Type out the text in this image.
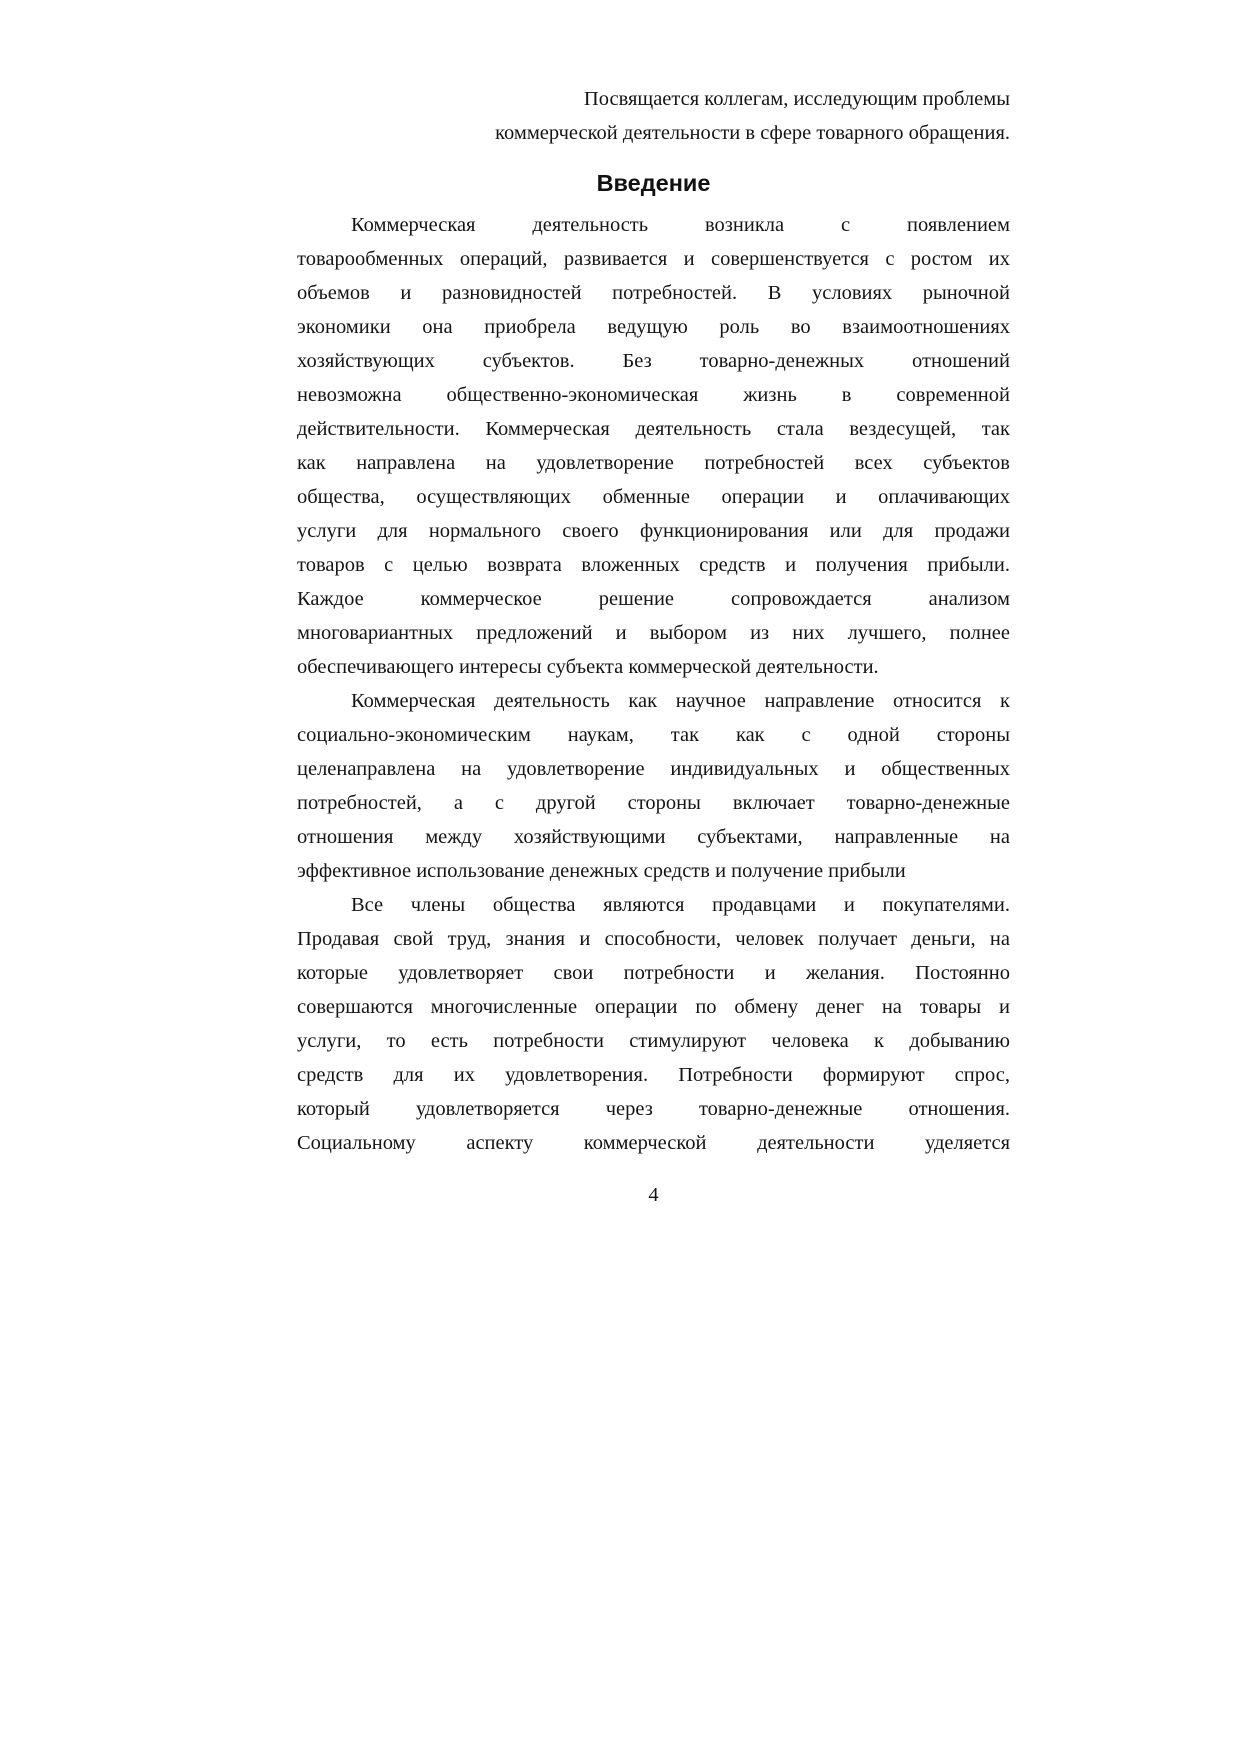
Посвящается коллегам, исследующим проблемы
коммерческой деятельности в сфере товарного обращения.
Введение
Коммерческая деятельность возникла с появлением
товарообменных операций, развивается и совершенствуется с ростом их
объемов и разновидностей потребностей. В условиях рыночной
экономики она приобрела ведущую роль во взаимоотношениях
хозяйствующих субъектов. Без товарно-денежных отношений
невозможна общественно-экономическая жизнь в современной
действительности. Коммерческая деятельность стала вездесущей, так
как направлена на удовлетворение потребностей всех субъектов
общества, осуществляющих обменные операции и оплачивающих
услуги для нормального своего функционирования или для продажи
товаров с целью возврата вложенных средств и получения прибыли.
Каждое коммерческое решение сопровождается анализом
многовариантных предложений и выбором из них лучшего, полнее
обеспечивающего интересы субъекта коммерческой деятельности.
Коммерческая деятельность как научное направление относится к
социально-экономическим наукам, так как с одной стороны
целенаправлена на удовлетворение индивидуальных и общественных
потребностей, а с другой стороны включает товарно-денежные
отношения между хозяйствующими субъектами, направленные на
эффективное использование денежных средств и получение прибыли
Все члены общества являются продавцами и покупателями.
Продавая свой труд, знания и способности, человек получает деньги, на
которые удовлетворяет свои потребности и желания. Постоянно
совершаются многочисленные операции по обмену денег на товары и
услуги, то есть потребности стимулируют человека к добыванию
средств для их удовлетворения. Потребности формируют спрос,
который удовлетворяется через товарно-денежные отношения.
Социальному аспекту коммерческой деятельности уделяется
4
